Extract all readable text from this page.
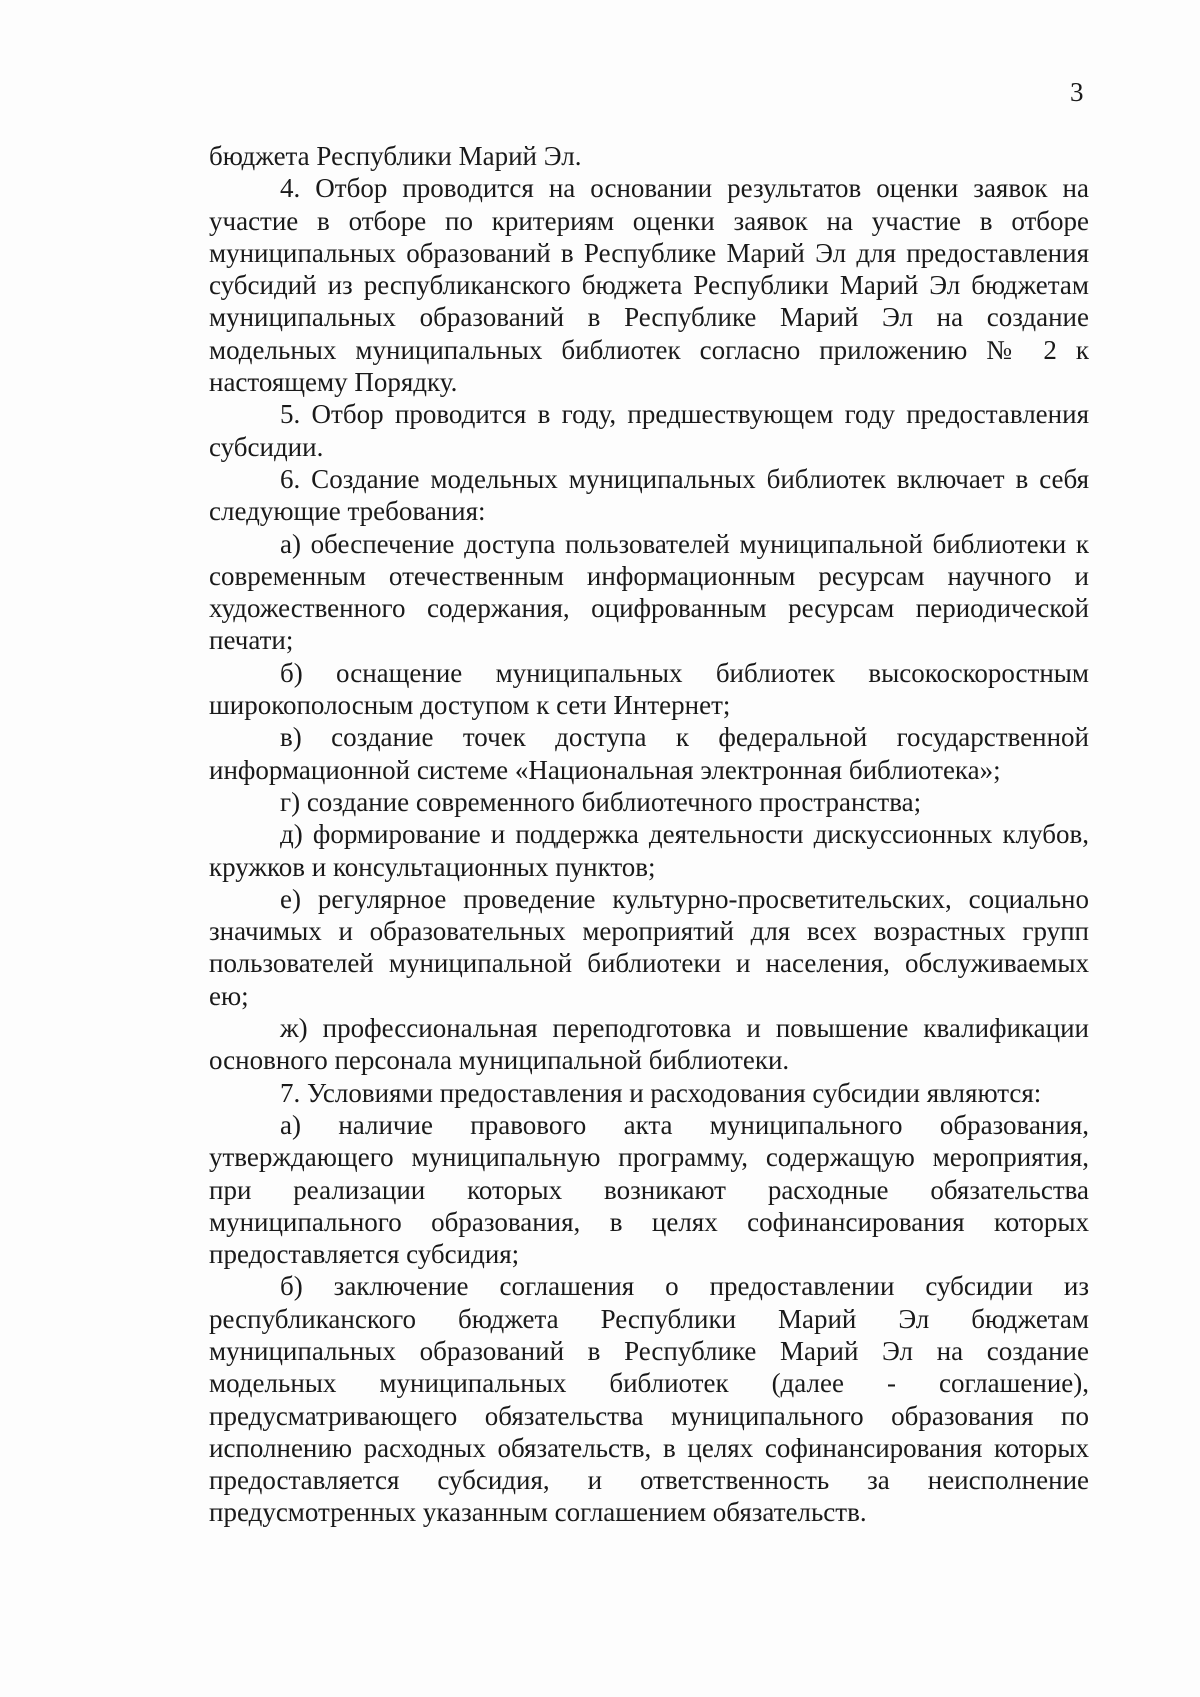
3

бюджета Республики Марий Эл.

4. Отбор проводится на основании результатов оценки заявок на участие в отборе по критериям оценки заявок на участие в отборе муниципальных образований в Республике Марий Эл для предоставления субсидий из республиканского бюджета Республики Марий Эл бюджетам муниципальных образований в Республике Марий Эл на создание модельных муниципальных библиотек согласно приложению № 2 к настоящему Порядку.

5. Отбор проводится в году, предшествующем году предоставления субсидии.

6. Создание модельных муниципальных библиотек включает в себя следующие требования:

а) обеспечение доступа пользователей муниципальной библиотеки к современным отечественным информационным ресурсам научного и художественного содержания, оцифрованным ресурсам периодической печати;

б) оснащение муниципальных библиотек высокоскоростным широкополосным доступом к сети Интернет;

в) создание точек доступа к федеральной государственной информационной системе «Национальная электронная библиотека»;

г) создание современного библиотечного пространства;

д) формирование и поддержка деятельности дискуссионных клубов, кружков и консультационных пунктов;

е) регулярное проведение культурно-просветительских, социально значимых и образовательных мероприятий для всех возрастных групп пользователей муниципальной библиотеки и населения, обслуживаемых ею;

ж) профессиональная переподготовка и повышение квалификации основного персонала муниципальной библиотеки.

7. Условиями предоставления и расходования субсидии являются:

а) наличие правового акта муниципального образования, утверждающего муниципальную программу, содержащую мероприятия, при реализации которых возникают расходные обязательства муниципального образования, в целях софинансирования которых предоставляется субсидия;

б) заключение соглашения о предоставлении субсидии из республиканского бюджета Республики Марий Эл бюджетам муниципальных образований в Республике Марий Эл на создание модельных муниципальных библиотек (далее - соглашение), предусматривающего обязательства муниципального образования по исполнению расходных обязательств, в целях софинансирования которых предоставляется субсидия, и ответственность за неисполнение предусмотренных указанным соглашением обязательств.
